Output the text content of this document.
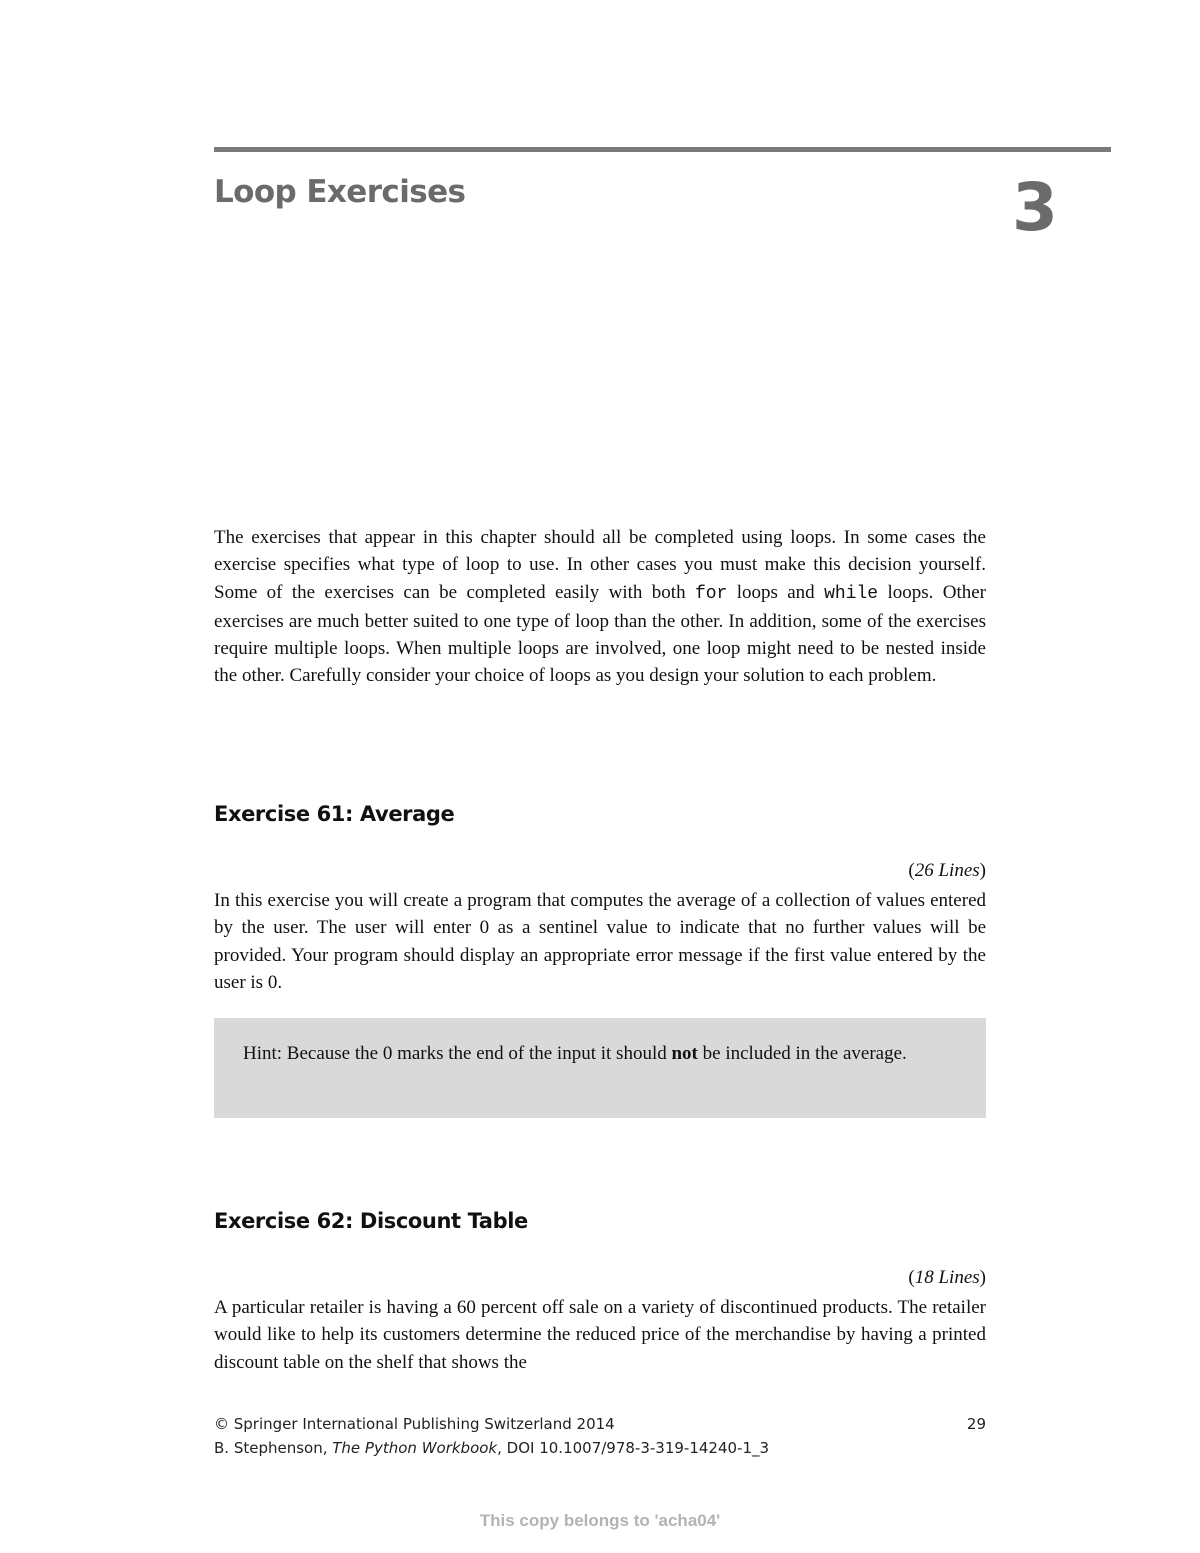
Loop Exercises	3

The exercises that appear in this chapter should all be completed using loops. In some cases the exercise specifies what type of loop to use. In other cases you must make this decision yourself. Some of the exercises can be completed easily with both for loops and while loops. Other exercises are much better suited to one type of loop than the other. In addition, some of the exercises require multiple loops. When multiple loops are involved, one loop might need to be nested inside the other. Carefully consider your choice of loops as you design your solution to each problem.

Exercise 61: Average

(26 Lines)

In this exercise you will create a program that computes the average of a collection of values entered by the user. The user will enter 0 as a sentinel value to indicate that no further values will be provided. Your program should display an appropriate error message if the first value entered by the user is 0.

Hint: Because the 0 marks the end of the input it should not be included in the average.

Exercise 62: Discount Table

(18 Lines)

A particular retailer is having a 60 percent off sale on a variety of discontinued products. The retailer would like to help its customers determine the reduced price of the merchandise by having a printed discount table on the shelf that shows the

© Springer International Publishing Switzerland 2014	29

B. Stephenson, The Python Workbook, DOI 10.1007/978-3-319-14240-1_3

This copy belongs to 'acha04'
